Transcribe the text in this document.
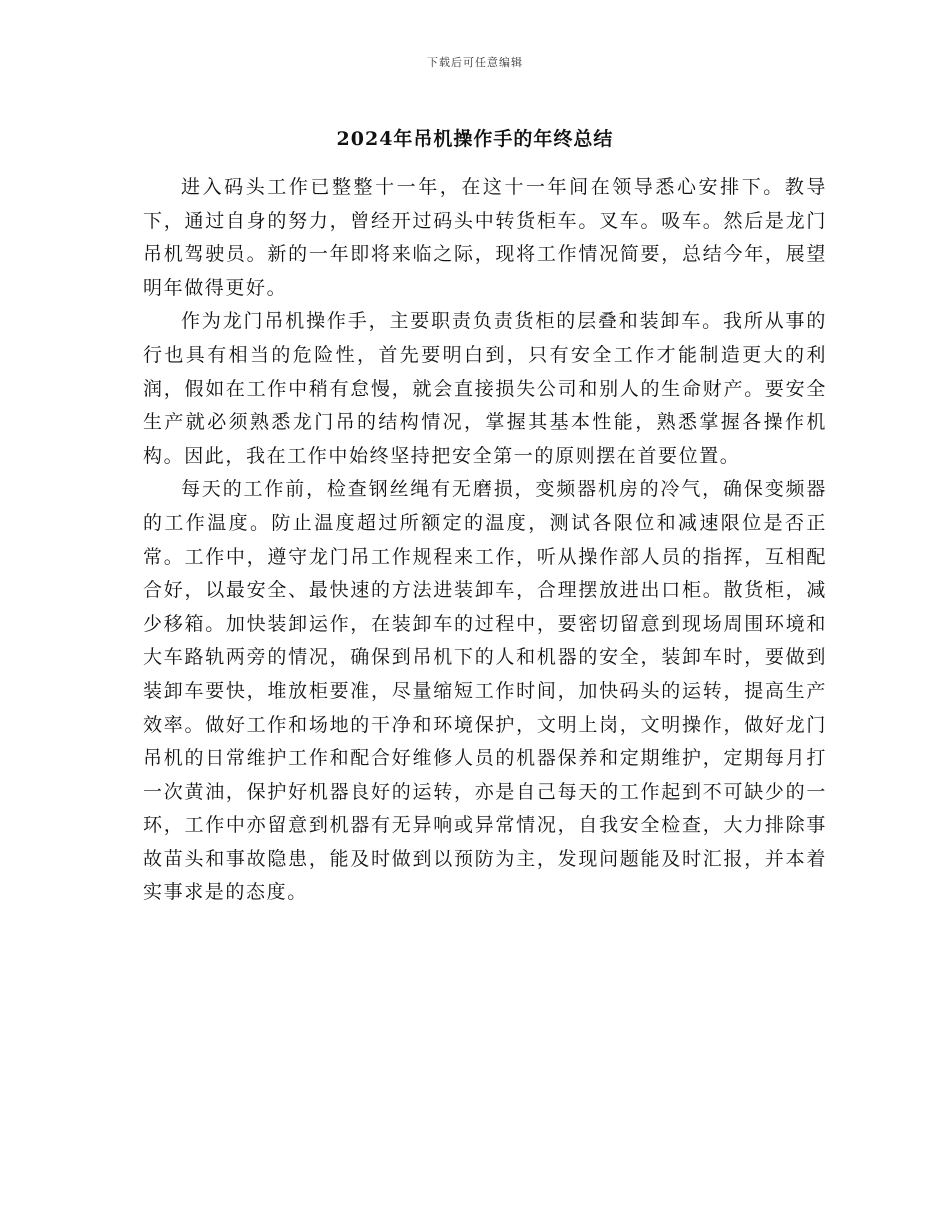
下载后可任意编辑
2024年吊机操作手的年终总结

进入码头工作已整整十一年，在这十一年间在领导悉心安排下。教导下，通过自身的努力，曾经开过码头中转货柜车。叉车。吸车。然后是龙门吊机驾驶员。新的一年即将来临之际，现将工作情况简要，总结今年，展望明年做得更好。

作为龙门吊机操作手，主要职责负责货柜的层叠和装卸车。我所从事的行也具有相当的危险性，首先要明白到，只有安全工作才能制造更大的利润，假如在工作中稍有怠慢，就会直接损失公司和别人的生命财产。要安全生产就必须熟悉龙门吊的结构情况，掌握其基本性能，熟悉掌握各操作机构。因此，我在工作中始终坚持把安全第一的原则摆在首要位置。

每天的工作前，检查钢丝绳有无磨损，变频器机房的冷气，确保变频器的工作温度。防止温度超过所额定的温度，测试各限位和减速限位是否正常。工作中，遵守龙门吊工作规程来工作，听从操作部人员的指挥，互相配合好，以最安全、最快速的方法进装卸车，合理摆放进出口柜。散货柜，减少移箱。加快装卸运作，在装卸车的过程中，要密切留意到现场周围环境和大车路轨两旁的情况，确保到吊机下的人和机器的安全，装卸车时，要做到装卸车要快，堆放柜要准，尽量缩短工作时间，加快码头的运转，提高生产效率。做好工作和场地的干净和环境保护，文明上岗，文明操作，做好龙门吊机的日常维护工作和配合好维修人员的机器保养和定期维护，定期每月打一次黄油，保护好机器良好的运转，亦是自己每天的工作起到不可缺少的一环，工作中亦留意到机器有无异响或异常情况，自我安全检查，大力排除事故苗头和事故隐患，能及时做到以预防为主，发现问题能及时汇报，并本着实事求是的态度。
